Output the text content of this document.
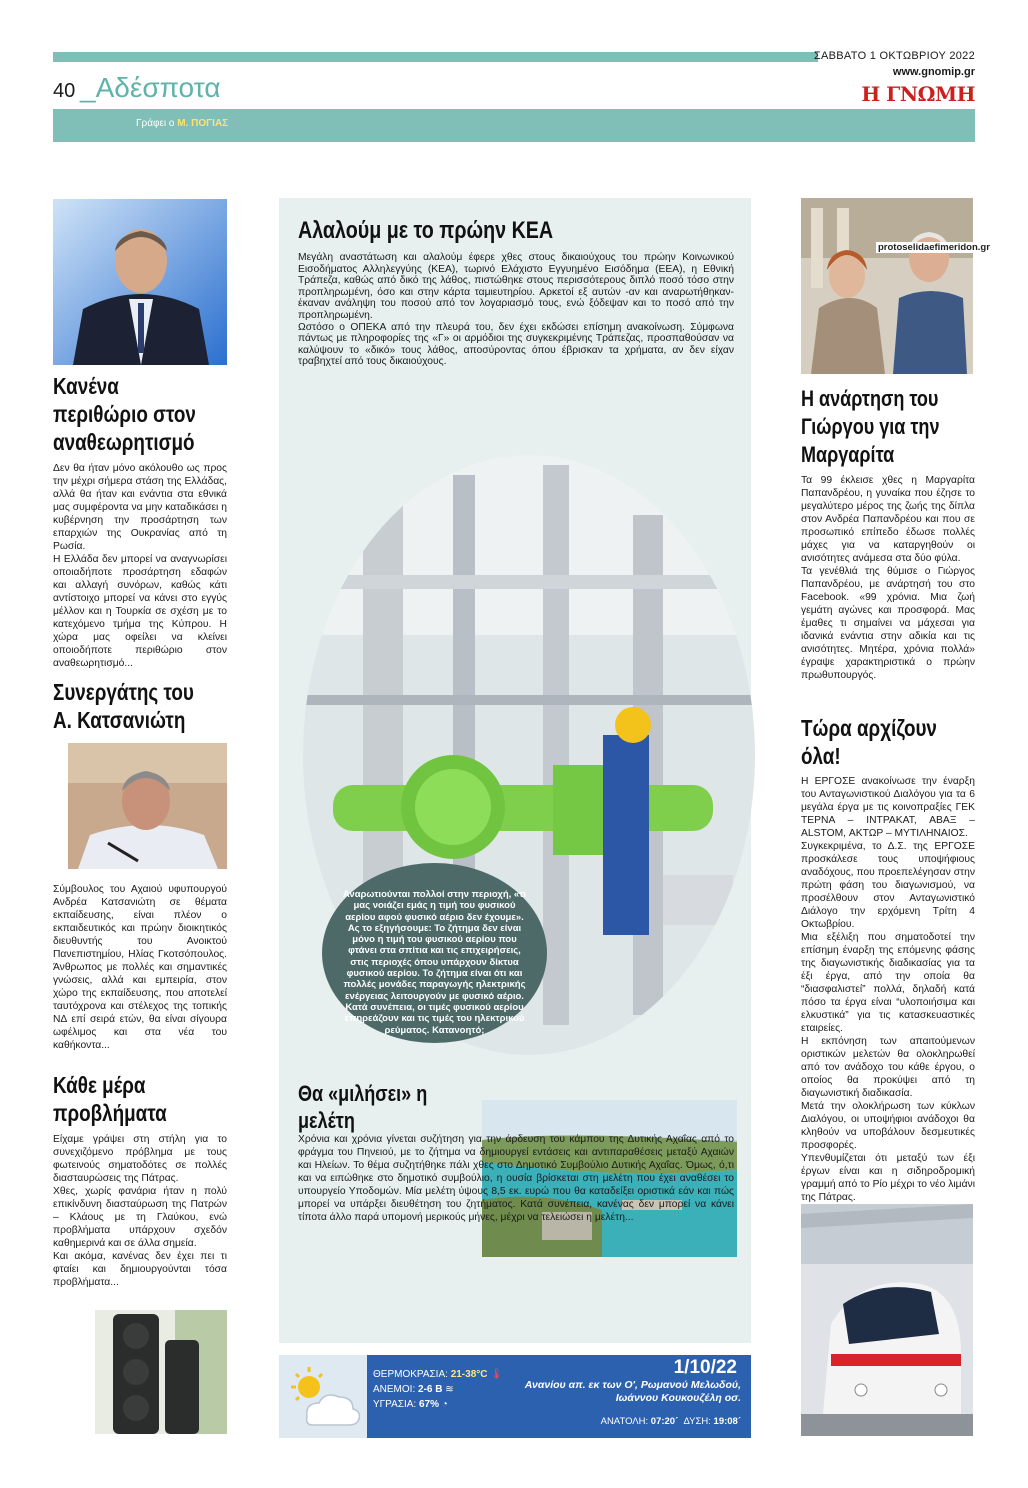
ΣΑΒΒΑΤΟ 1 ΟΚΤΩΒΡΙΟΥ 2022
www.gnomip.gr
Η ΓΝΩΜΗ
40 _Αδέσποτα
Γράφει ο Μ. ΠΟΓΙΑΣ
Κανένα περιθώριο στον αναθεωρητισμό

Δεν θα ήταν μόνο ακόλουθο ως προς την μέχρι σήμερα στάση της Ελλάδας, αλλά θα ήταν και ενάντια στα εθνικά μας συμφέροντα να μην καταδικάσει η κυβέρνηση την προσάρτηση των επαρχιών της Ουκρανίας από τη Ρωσία.

Η Ελλάδα δεν μπορεί να αναγνωρίσει οποιαδήποτε προσάρτηση εδαφών και αλλαγή συνόρων, καθώς κάτι αντίστοιχο μπορεί να κάνει στο εγγύς μέλλον και η Τουρκία σε σχέση με το κατεχόμενο τμήμα της Κύπρου. Η χώρα μας οφείλει να κλείνει οποιοδήποτε περιθώριο στον αναθεωρητισμό...

Συνεργάτης του Α. Κατσανιώτη

Σύμβουλος του Αχαιού υφυπουργού Ανδρέα Κατσανιώτη σε θέματα εκπαίδευσης, είναι πλέον ο εκπαιδευτικός και πρώην διοικητικός διευθυντής του Ανοικτού Πανεπιστημίου, Ηλίας Γκοτσόπουλος. Άνθρωπος με πολλές και σημαντικές γνώσεις, αλλά και εμπειρία, στον χώρο της εκπαίδευσης, που αποτελεί ταυτόχρονα και στέλεχος της τοπικής ΝΔ επί σειρά ετών, θα είναι σίγουρα ωφέλιμος και στα νέα του καθήκοντα...

Κάθε μέρα προβλήματα

Είχαμε γράψει στη στήλη για το συνεχιζόμενο πρόβλημα με τους φωτεινούς σηματοδότες σε πολλές διασταυρώσεις της Πάτρας.

Χθες, χωρίς φανάρια ήταν η πολύ επικίνδυνη διασταύρωση της Πατρών – Κλάους με τη Γλαύκου, ενώ προβλήματα υπάρχουν σχεδόν καθημερινά και σε άλλα σημεία.

Και ακόμα, κανένας δεν έχει πει τι φταίει και δημιουργούνται τόσα προβλήματα...

Αλαλούμ με το πρώην ΚΕΑ

Μεγάλη αναστάτωση και αλαλούμ έφερε χθες στους δικαιούχους του πρώην Κοινωνικού Εισοδήματος Αλληλεγγύης (ΚΕΑ), τωρινό Ελάχιστο Εγγυημένο Εισόδημα (ΕΕΑ), η Εθνική Τράπεζα, καθώς από δικό της λάθος, πιστώθηκε στους περισσότερους διπλό ποσό τόσο στην προπληρωμένη, όσο και στην κάρτα ταμιευτηρίου. Αρκετοί εξ αυτών -αν και αναρωτήθηκαν- έκαναν ανάληψη του ποσού από τον λογαριασμό τους, ενώ ξόδεψαν και το ποσό από την προπληρωμένη.

Ωστόσο ο ΟΠΕΚΑ από την πλευρά του, δεν έχει εκδώσει επίσημη ανακοίνωση. Σύμφωνα πάντως με πληροφορίες της «Γ» οι αρμόδιοι της συγκεκριμένης Τράπεζας, προσπαθούσαν να καλύψουν το «δικό» τους λάθος, αποσύροντας όπου έβρισκαν τα χρήματα, αν δεν είχαν τραβηχτεί από τους δικαιούχους.

Αναρωτιούνται πολλοί στην περιοχή, «τι μας νοιάζει εμάς η τιμή του φυσικού αερίου αφού φυσικό αέριο δεν έχουμε». Ας το εξηγήσουμε: Το ζήτημα δεν είναι μόνο η τιμή του φυσικού αερίου που φτάνει στα σπίτια και τις επιχειρήσεις, στις περιοχές όπου υπάρχουν δίκτυα φυσικού αερίου. Το ζήτημα είναι ότι και πολλές μονάδες παραγωγής ηλεκτρικής ενέργειας λειτουργούν με φυσικό αέριο. Κατά συνέπεια, οι τιμές φυσικού αερίου επηρεάζουν και τις τιμές του ηλεκτρικού ρεύματος. Κατανοητό;

Θα «μιλήσει» η μελέτη

Χρόνια και χρόνια γίνεται συζήτηση για την άρδευση του κάμπου της Δυτικής Αχαΐας από το φράγμα του Πηνειού, με το ζήτημα να δημιουργεί εντάσεις και αντιπαραθέσεις μεταξύ Αχαιών και Ηλείων. Το θέμα συζητήθηκε πάλι χθες στο Δημοτικό Συμβούλιο Δυτικής Αχαΐας. Όμως, ό,τι και να ειπώθηκε στο δημοτικό συμβούλιο, η ουσία βρίσκεται στη μελέτη που έχει αναθέσει το υπουργείο Υποδομών. Μία μελέτη ύψους 8,5 εκ. ευρώ που θα καταδείξει οριστικά εάν και πώς μπορεί να υπάρξει διευθέτηση του ζητήματος. Κατά συνέπεια, κανένας δεν μπορεί να κάνει τίποτα άλλο παρά υπομονή μερικούς μήνες, μέχρι να τελειώσει η μελέτη...

ΘΕΡΜΟΚΡΑΣΙΑ: 21-38°C 🌡
ΑΝΕΜΟΙ: 2-6 Β ≋
ΥΓΡΑΣΙΑ: 67% ◔
1/10/22
Ανανίου απ. εκ των Ο', Ρωμανού Μελωδού, Ιωάννου Κουκουζέλη οσ.
ΑΝΑΤΟΛΗ: 07:20´ ΔΥΣΗ: 19:08´
protoselidaefimeridon.gr
Η ανάρτηση του Γιώργου για την Μαργαρίτα

Τα 99 έκλεισε χθες η Μαργαρίτα Παπανδρέου, η γυναίκα που έζησε το μεγαλύτερο μέρος της ζωής της δίπλα στον Ανδρέα Παπανδρέου και που σε προσωπικό επίπεδο έδωσε πολλές μάχες για να καταργηθούν οι ανισότητες ανάμεσα στα δύο φύλα.

Τα γενέθλιά της θύμισε ο Γιώργος Παπανδρέου, με ανάρτησή του στο Facebook. «99 χρόνια. Μια ζωή γεμάτη αγώνες και προσφορά. Μας έμαθες τι σημαίνει να μάχεσαι για ιδανικά ενάντια στην αδικία και τις ανισότητες. Μητέρα, χρόνια πολλά» έγραψε χαρακτηριστικά ο πρώην πρωθυπουργός.

Τώρα αρχίζουν όλα!

Η ΕΡΓΟΣΕ ανακοίνωσε την έναρξη του Ανταγωνιστικού Διαλόγου για τα 6 μεγάλα έργα με τις κοινοπραξίες ΓΕΚ ΤΕΡΝΑ – ΙΝΤΡΑΚΑΤ, ΑΒΑΞ – ALSTOM, ΑΚΤΩΡ – ΜΥΤΙΛΗΝΑΙΟΣ.

Συγκεκριμένα, το Δ.Σ. της ΕΡΓΟΣΕ προσκάλεσε τους υποψήφιους αναδόχους, που προεπελέγησαν στην πρώτη φάση του διαγωνισμού, να προσέλθουν στον Ανταγωνιστικό Διάλογο την ερχόμενη Τρίτη 4 Οκτωβρίου.

Μια εξέλιξη που σηματοδοτεί την επίσημη έναρξη της επόμενης φάσης της διαγωνιστικής διαδικασίας για τα έξι έργα, από την οποία θα “διασφαλιστεί” πολλά, δηλαδή κατά πόσο τα έργα είναι “υλοποιήσιμα και ελκυστικά” για τις κατασκευαστικές εταιρείες.

Η εκπόνηση των απαιτούμενων οριστικών μελετών θα ολοκληρωθεί από τον ανάδοχο του κάθε έργου, ο οποίος θα προκύψει από τη διαγωνιστική διαδικασία.

Μετά την ολοκλήρωση των κύκλων Διαλόγου, οι υποψήφιοι ανάδοχοι θα κληθούν να υποβάλουν δεσμευτικές προσφορές.

Υπενθυμίζεται ότι μεταξύ των έξι έργων είναι και η σιδηροδρομική γραμμή από το Ρίο μέχρι το νέο λιμάνι της Πάτρας.
